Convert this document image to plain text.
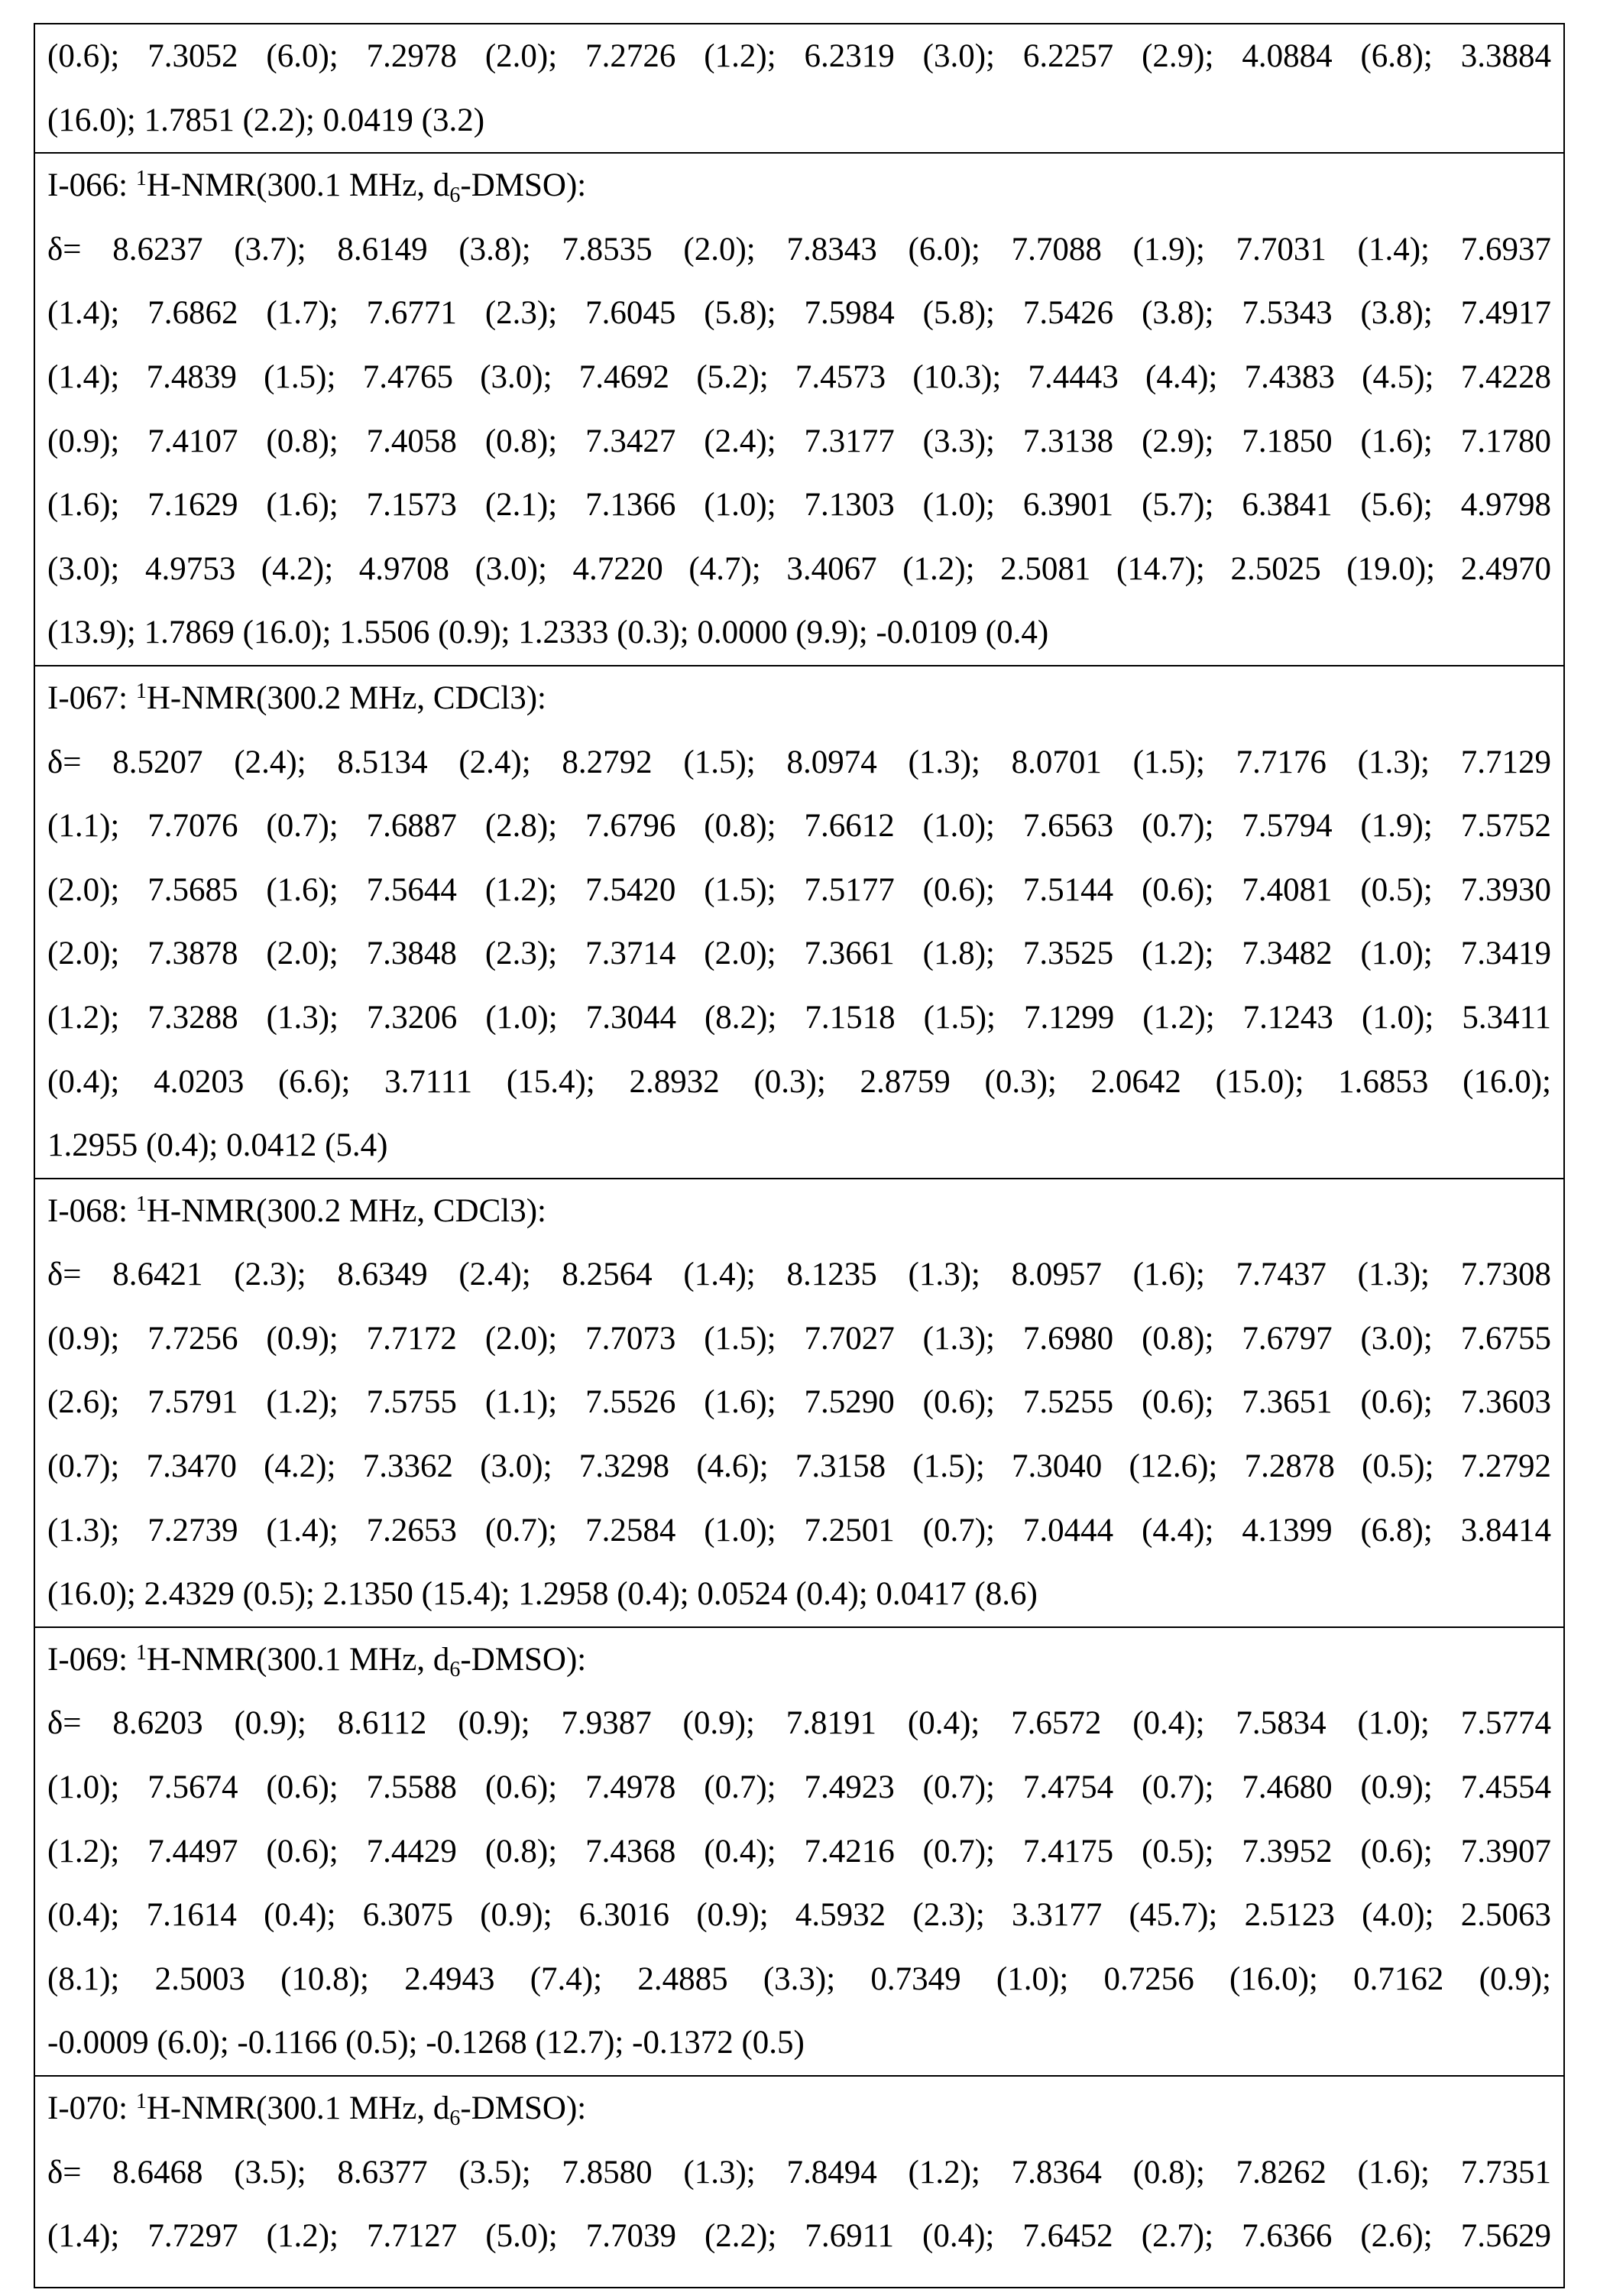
(0.6); 7.3052 (6.0); 7.2978 (2.0); 7.2726 (1.2); 6.2319 (3.0); 6.2257 (2.9); 4.0884 (6.8); 3.3884
(16.0); 1.7851 (2.2); 0.0419 (3.2)
I-066: 1H-NMR(300.1 MHz, d6-DMSO):
δ= 8.6237 (3.7); 8.6149 (3.8); 7.8535 (2.0); 7.8343 (6.0); 7.7088 (1.9); 7.7031 (1.4); 7.6937
(1.4); 7.6862 (1.7); 7.6771 (2.3); 7.6045 (5.8); 7.5984 (5.8); 7.5426 (3.8); 7.5343 (3.8); 7.4917
(1.4); 7.4839 (1.5); 7.4765 (3.0); 7.4692 (5.2); 7.4573 (10.3); 7.4443 (4.4); 7.4383 (4.5); 7.4228
(0.9); 7.4107 (0.8); 7.4058 (0.8); 7.3427 (2.4); 7.3177 (3.3); 7.3138 (2.9); 7.1850 (1.6); 7.1780
(1.6); 7.1629 (1.6); 7.1573 (2.1); 7.1366 (1.0); 7.1303 (1.0); 6.3901 (5.7); 6.3841 (5.6); 4.9798
(3.0); 4.9753 (4.2); 4.9708 (3.0); 4.7220 (4.7); 3.4067 (1.2); 2.5081 (14.7); 2.5025 (19.0); 2.4970
(13.9); 1.7869 (16.0); 1.5506 (0.9); 1.2333 (0.3); 0.0000 (9.9); -0.0109 (0.4)
I-067: 1H-NMR(300.2 MHz, CDCl3):
δ= 8.5207 (2.4); 8.5134 (2.4); 8.2792 (1.5); 8.0974 (1.3); 8.0701 (1.5); 7.7176 (1.3); 7.7129
(1.1); 7.7076 (0.7); 7.6887 (2.8); 7.6796 (0.8); 7.6612 (1.0); 7.6563 (0.7); 7.5794 (1.9); 7.5752
(2.0); 7.5685 (1.6); 7.5644 (1.2); 7.5420 (1.5); 7.5177 (0.6); 7.5144 (0.6); 7.4081 (0.5); 7.3930
(2.0); 7.3878 (2.0); 7.3848 (2.3); 7.3714 (2.0); 7.3661 (1.8); 7.3525 (1.2); 7.3482 (1.0); 7.3419
(1.2); 7.3288 (1.3); 7.3206 (1.0); 7.3044 (8.2); 7.1518 (1.5); 7.1299 (1.2); 7.1243 (1.0); 5.3411
(0.4); 4.0203 (6.6); 3.7111 (15.4); 2.8932 (0.3); 2.8759 (0.3); 2.0642 (15.0); 1.6853 (16.0);
1.2955 (0.4); 0.0412 (5.4)
I-068: 1H-NMR(300.2 MHz, CDCl3):
δ= 8.6421 (2.3); 8.6349 (2.4); 8.2564 (1.4); 8.1235 (1.3); 8.0957 (1.6); 7.7437 (1.3); 7.7308
(0.9); 7.7256 (0.9); 7.7172 (2.0); 7.7073 (1.5); 7.7027 (1.3); 7.6980 (0.8); 7.6797 (3.0); 7.6755
(2.6); 7.5791 (1.2); 7.5755 (1.1); 7.5526 (1.6); 7.5290 (0.6); 7.5255 (0.6); 7.3651 (0.6); 7.3603
(0.7); 7.3470 (4.2); 7.3362 (3.0); 7.3298 (4.6); 7.3158 (1.5); 7.3040 (12.6); 7.2878 (0.5); 7.2792
(1.3); 7.2739 (1.4); 7.2653 (0.7); 7.2584 (1.0); 7.2501 (0.7); 7.0444 (4.4); 4.1399 (6.8); 3.8414
(16.0); 2.4329 (0.5); 2.1350 (15.4); 1.2958 (0.4); 0.0524 (0.4); 0.0417 (8.6)
I-069: 1H-NMR(300.1 MHz, d6-DMSO):
δ= 8.6203 (0.9); 8.6112 (0.9); 7.9387 (0.9); 7.8191 (0.4); 7.6572 (0.4); 7.5834 (1.0); 7.5774
(1.0); 7.5674 (0.6); 7.5588 (0.6); 7.4978 (0.7); 7.4923 (0.7); 7.4754 (0.7); 7.4680 (0.9); 7.4554
(1.2); 7.4497 (0.6); 7.4429 (0.8); 7.4368 (0.4); 7.4216 (0.7); 7.4175 (0.5); 7.3952 (0.6); 7.3907
(0.4); 7.1614 (0.4); 6.3075 (0.9); 6.3016 (0.9); 4.5932 (2.3); 3.3177 (45.7); 2.5123 (4.0); 2.5063
(8.1); 2.5003 (10.8); 2.4943 (7.4); 2.4885 (3.3); 0.7349 (1.0); 0.7256 (16.0); 0.7162 (0.9);
-0.0009 (6.0); -0.1166 (0.5); -0.1268 (12.7); -0.1372 (0.5)
I-070: 1H-NMR(300.1 MHz, d6-DMSO):
δ= 8.6468 (3.5); 8.6377 (3.5); 7.8580 (1.3); 7.8494 (1.2); 7.8364 (0.8); 7.8262 (1.6); 7.7351
(1.4); 7.7297 (1.2); 7.7127 (5.0); 7.7039 (2.2); 7.6911 (0.4); 7.6452 (2.7); 7.6366 (2.6); 7.5629
